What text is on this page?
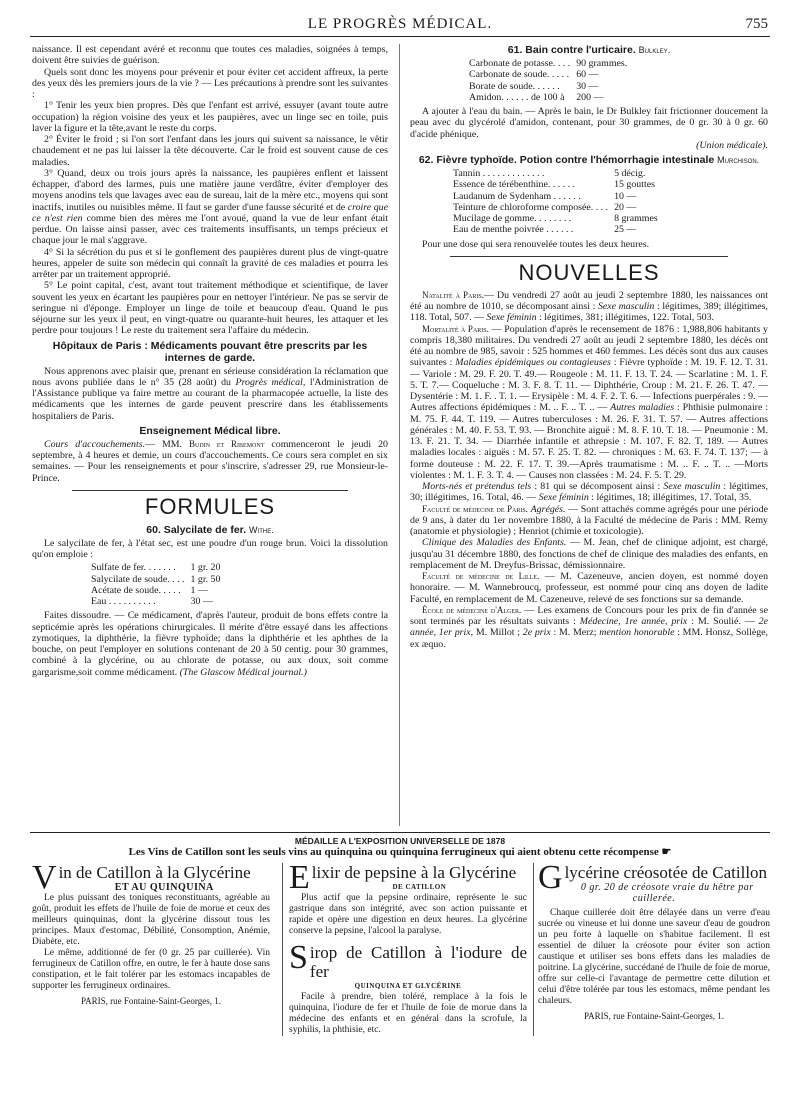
LE PROGRÈS MÉDICAL.	755

naissance. Il est cependant avéré et reconnu que toutes ces maladies, soignées à temps, doivent être suivies de guérison.

Quels sont donc les moyens pour prévenir et pour éviter cet accident affreux, la perte des yeux dès les premiers jours de la vie ? — Les précautions à prendre sont les suivantes :

1° Tenir les yeux bien propres. Dès que l'enfant est arrivé, essuyer (avant toute autre occupation) la région voisine des yeux et les paupières, avec un linge sec en toile, puis laver la figure et la tête,avant le reste du corps.

2° Éviter le froid ; si l'on sort l'enfant dans les jours qui suivent sa naissance, le vêtir chaudement et ne pas lui laisser la tête découverte. Car le froid est souvent cause de ces maladies.

3° Quand, deux ou trois jours après la naissance, les paupières enflent et laissent échapper, d'abord des larmes, puis une matière jaune verdâtre, éviter d'employer des moyens anodins tels que lavages avec eau de sureau, lait de la mère etc., moyens qui sont inactifs, inutiles ou nuisibles même. Il faut se garder d'une fausse sécurité et de croire que ce n'est rien comme bien des mères me l'ont avoué, quand la vue de leur enfant était perdue. On laisse ainsi passer, avec ces traitements insuffisants, un temps précieux et chaque jour le mal s'aggrave.

4° Si la sécrétion du pus et si le gonflement des paupières durent plus de vingt-quatre heures, appeler de suite son médecin qui connaît la gravité de ces maladies et pourra les arrêter par un traitement approprié.

5° Le point capital, c'est, avant tout traitement méthodique et scientifique, de laver souvent les yeux en écartant les paupières pour en nettoyer l'intérieur. Ne pas se servir de seringue ni d'éponge. Employer un linge de toile et beaucoup d'eau. Quand le pus séjourne sur les yeux il peut, en vingt-quatre ou quarante-huit heures, les attaquer et les perdre pour toujours ! Le reste du traitement sera l'affaire du médecin.

Hôpitaux de Paris : Médicaments pouvant être prescrits par les internes de garde.

Nous apprenons avec plaisir que, prenant en sérieuse considération la réclamation que nous avons publiée dans le n° 35 (28 août) du Progrès médical, l'Administration de l'Assistance publique va faire mettre au courant de la pharmacopée actuelle, la liste des médicaments que les internes de garde peuvent prescrire dans les établissements hospitaliers de Paris.

Enseignement Médical libre.

Cours d'accouchements.— MM. Budin et Ribemont commenceront le jeudi 20 septembre, à 4 heures et demie, un cours d'accouchements. Ce cours sera complet en six semaines. — Pour les renseignements et pour s'inscrire, s'adresser 29, rue Monsieur-le-Prince.

FORMULES
60. Salycilate de fer. Withe.

Le salycilate de fer, à l'état sec, est une poudre d'un rouge brun. Voici la dissolution qu'on emploie :

Sulfate de fer. . . . . . .	1 gr. 20
Salycilate de soude. . . .	1 gr. 50
Acétate de soude. . . . .	1 —
Eau . . . . . . . . . .	30 —

Faites dissoudre. — Ce médicament, d'après l'auteur, produit de bons effets contre la septicémie après les opérations chirurgicales. Il mérite d'être essayé dans les affections zymotiques, la diphthérie, la fièvre typhoïde; dans la diphthérie et les aphthes de la bouche, on peut l'employer en solutions contenant de 20 à 50 centig. pour 30 grammes, combiné à la glycérine, ou au chlorate de potasse, ou aux doux, soit comme gargarisme,soit comme médicament. (The Glascow Médical journal.)

61. Bain contre l'urticaire. Bulkley.
Carbonate de potasse. . . .	90 grammes.
Carbonate de soude. . . . .	60 —
Borate de soude. . . . . .	30 —
Amidon. . . . . . de 100 à	200 —

A ajouter à l'eau du bain. — Après le bain, le Dr Bulkley fait frictionner doucement la peau avec du glycérolé d'amidon, contenant, pour 30 grammes, de 0 gr. 30 à 0 gr. 60 d'acide phénique.

(Union médicale).

62. Fièvre typhoïde. Potion contre l'hémorrhagie intestinale Murchison.
Tannin . . . . . . . . . . . . .	5 décig.
Essence de térébenthine. . . . . .	15 gouttes
Laudanum de Sydenham . . . . . .	10 —
Teinture de chloroforme composée. . . .	20 —
Mucilage de gomme. . . . . . . .	8 grammes
Eau de menthe poivrée . . . . . .	25 —

Pour une dose qui sera renouvelée toutes les deux heures.

NOUVELLES

Natalité à Paris.— Du vendredi 27 août au jeudi 2 septembre 1880, les naissances ont été au nombre de 1010, se décomposant ainsi : Sexe masculin : légitimes, 389; illégitimes, 118. Total, 507. — Sexe féminin : légitimes, 381; illégitimes, 122. Total, 503.

Mortalité à Paris. — Population d'après le recensement de 1876 : 1,988,806 habitants y compris 18,380 militaires. Du vendredi 27 août au jeudi 2 septembre 1880, les décès ont été au nombre de 985, savoir : 525 hommes et 460 femmes. Les décès sont dus aux causes suivantes : Maladies épidémiques ou contagieuses : Fièvre typhoïde : M. 19. F. 12. T. 31. — Variole : M. 29. F. 20. T. 49.— Rougeole : M. 11. F. 13. T. 24. — Scarlatine : M. 1. F. 5. T. 7.— Coqueluche : M. 3. F. 8. T. 11. — Diphthérie, Croup : M. 21. F. 26. T. 47. — Dysentérie : M. 1. F. . T. 1. — Erysipèle : M. 4. F. 2. T. 6. — Infections puerpérales : 9. — Autres affections épidémiques : M. .. F. .. T. .. — Autres maladies : Phthisie pulmonaire : M. 75. F. 44. T. 119. — Autres tuberculoses : M. 26. F. 31. T. 57. — Autres affections générales : M. 40. F. 53. T. 93. — Bronchite aiguë : M. 8. F. 10. T. 18. — Pneumonie : M. 13. F. 21. T. 34. — Diarrhée infantile et athrepsie : M. 107. F. 82. T. 189. — Autres maladies locales : aiguës : M. 57. F. 25. T. 82. — chroniques : M. 63. F. 74. T. 137; — à forme douteuse : M. 22. F. 17. T. 39.—Après traumatisme : M. .. F. .. T. .. —Morts violentes : M. 1. F. 3. T. 4. — Causes non classées : M. 24. F. 5. T. 29.

Morts-nés et prétendus tels : 81 qui se décomposent ainsi : Sexe masculin : légitimes, 30; illégitimes, 16. Total, 46. — Sexe féminin : légitimes, 18; illégitimes, 17. Total, 35.

Faculté de médecine de Paris. Agrégés. — Sont attachés comme agrégés pour une période de 9 ans, à dater du 1er novembre 1880, à la Faculté de médecine de Paris : MM. Remy (anatomie et physiologie) ; Henriot (chimie et toxicologie).

Clinique des Maladies des Enfants. — M. Jean, chef de clinique adjoint, est chargé, jusqu'au 31 décembre 1880, des fonctions de chef de clinique des maladies des enfants, en remplacement de M. Dreyfus-Brissac, démissionnaire.

Faculté de médecine de Lille. — M. Cazeneuve, ancien doyen, est nommé doyen honoraire. — M. Wannebroucq, professeur, est nommé pour cinq ans doyen de ladite Faculté, en remplacement de M. Cazeneuve, relevé de ses fonctions sur sa demande.

École de médecine d'Alger. — Les examens de Concours pour les prix de fin d'année se sont terminés par les résultats suivants : Médecine, 1re année, prix : M. Soulié. — 2e année, 1er prix, M. Millot ; 2e prix : M. Merz; mention honorable : MM. Honsz, Sollège, ex æquo.

MÉDAILLE A L'EXPOSITION UNIVERSELLE DE 1878
Les Vins de Catillon sont les seuls vins au quinquina ou quinquina ferrugineux qui aient obtenu cette récompense ☛
Vin de Catillon à la Glycérine
ET AU QUINQUINA

Le plus puissant des toniques reconstituants, agréable au goût, produit les effets de l'huile de foie de morue et ceux des meilleurs quinquinas, dont la glycérine dissout tous les principes. Maux d'estomac, Débilité, Consomption, Anémie, Diabète, etc.

Le même, additionné de fer (0 gr. 25 par cuillerée). Vin ferrugineux de Catillon offre, en outre, le fer à haute dose sans constipation, et le fait tolérer par les estomacs incapables de supporter les ferrugineux ordinaires.

PARIS, rue Fontaine-Saint-Georges, 1.
Elixir de pepsine à la Glycérine
DE CATILLON

Plus actif que la pepsine ordinaire, représente le suc gastrique dans son intégrité, avec son action puissante et rapide et opère une digestion en deux heures. La glycérine conserve la pepsine, l'alcool la paralyse.

Sirop de Catillon à l'iodure de fer
QUINQUINA ET GLYCÉRINE

Facile à prendre, bien toléré, remplace à la fois le quinquina, l'iodure de fer et l'huile de foie de morue dans la médecine des enfants et en général dans la scrofule, la syphilis, la phthisie, etc.

Glycérine créosotée de Catillon
0 gr. 20 de créosote vraie du hêtre par cuillerée.

Chaque cuillerée doit être délayée dans un verre d'eau sucrée ou vineuse et lui donne une saveur d'eau de goudron un peu forte à laquelle on s'habitue facilement. Il est essentiel de diluer la créosote pour éviter son action caustique et utiliser ses bons effets dans les maladies de poitrine. La glycérine, succédané de l'huile de foie de morue, offre sur celle-ci l'avantage de permettre cette dilution et celui d'être tolérée par tous les estomacs, même pendant les chaleurs.

PARIS, rue Fontaine-Saint-Georges, 1.
